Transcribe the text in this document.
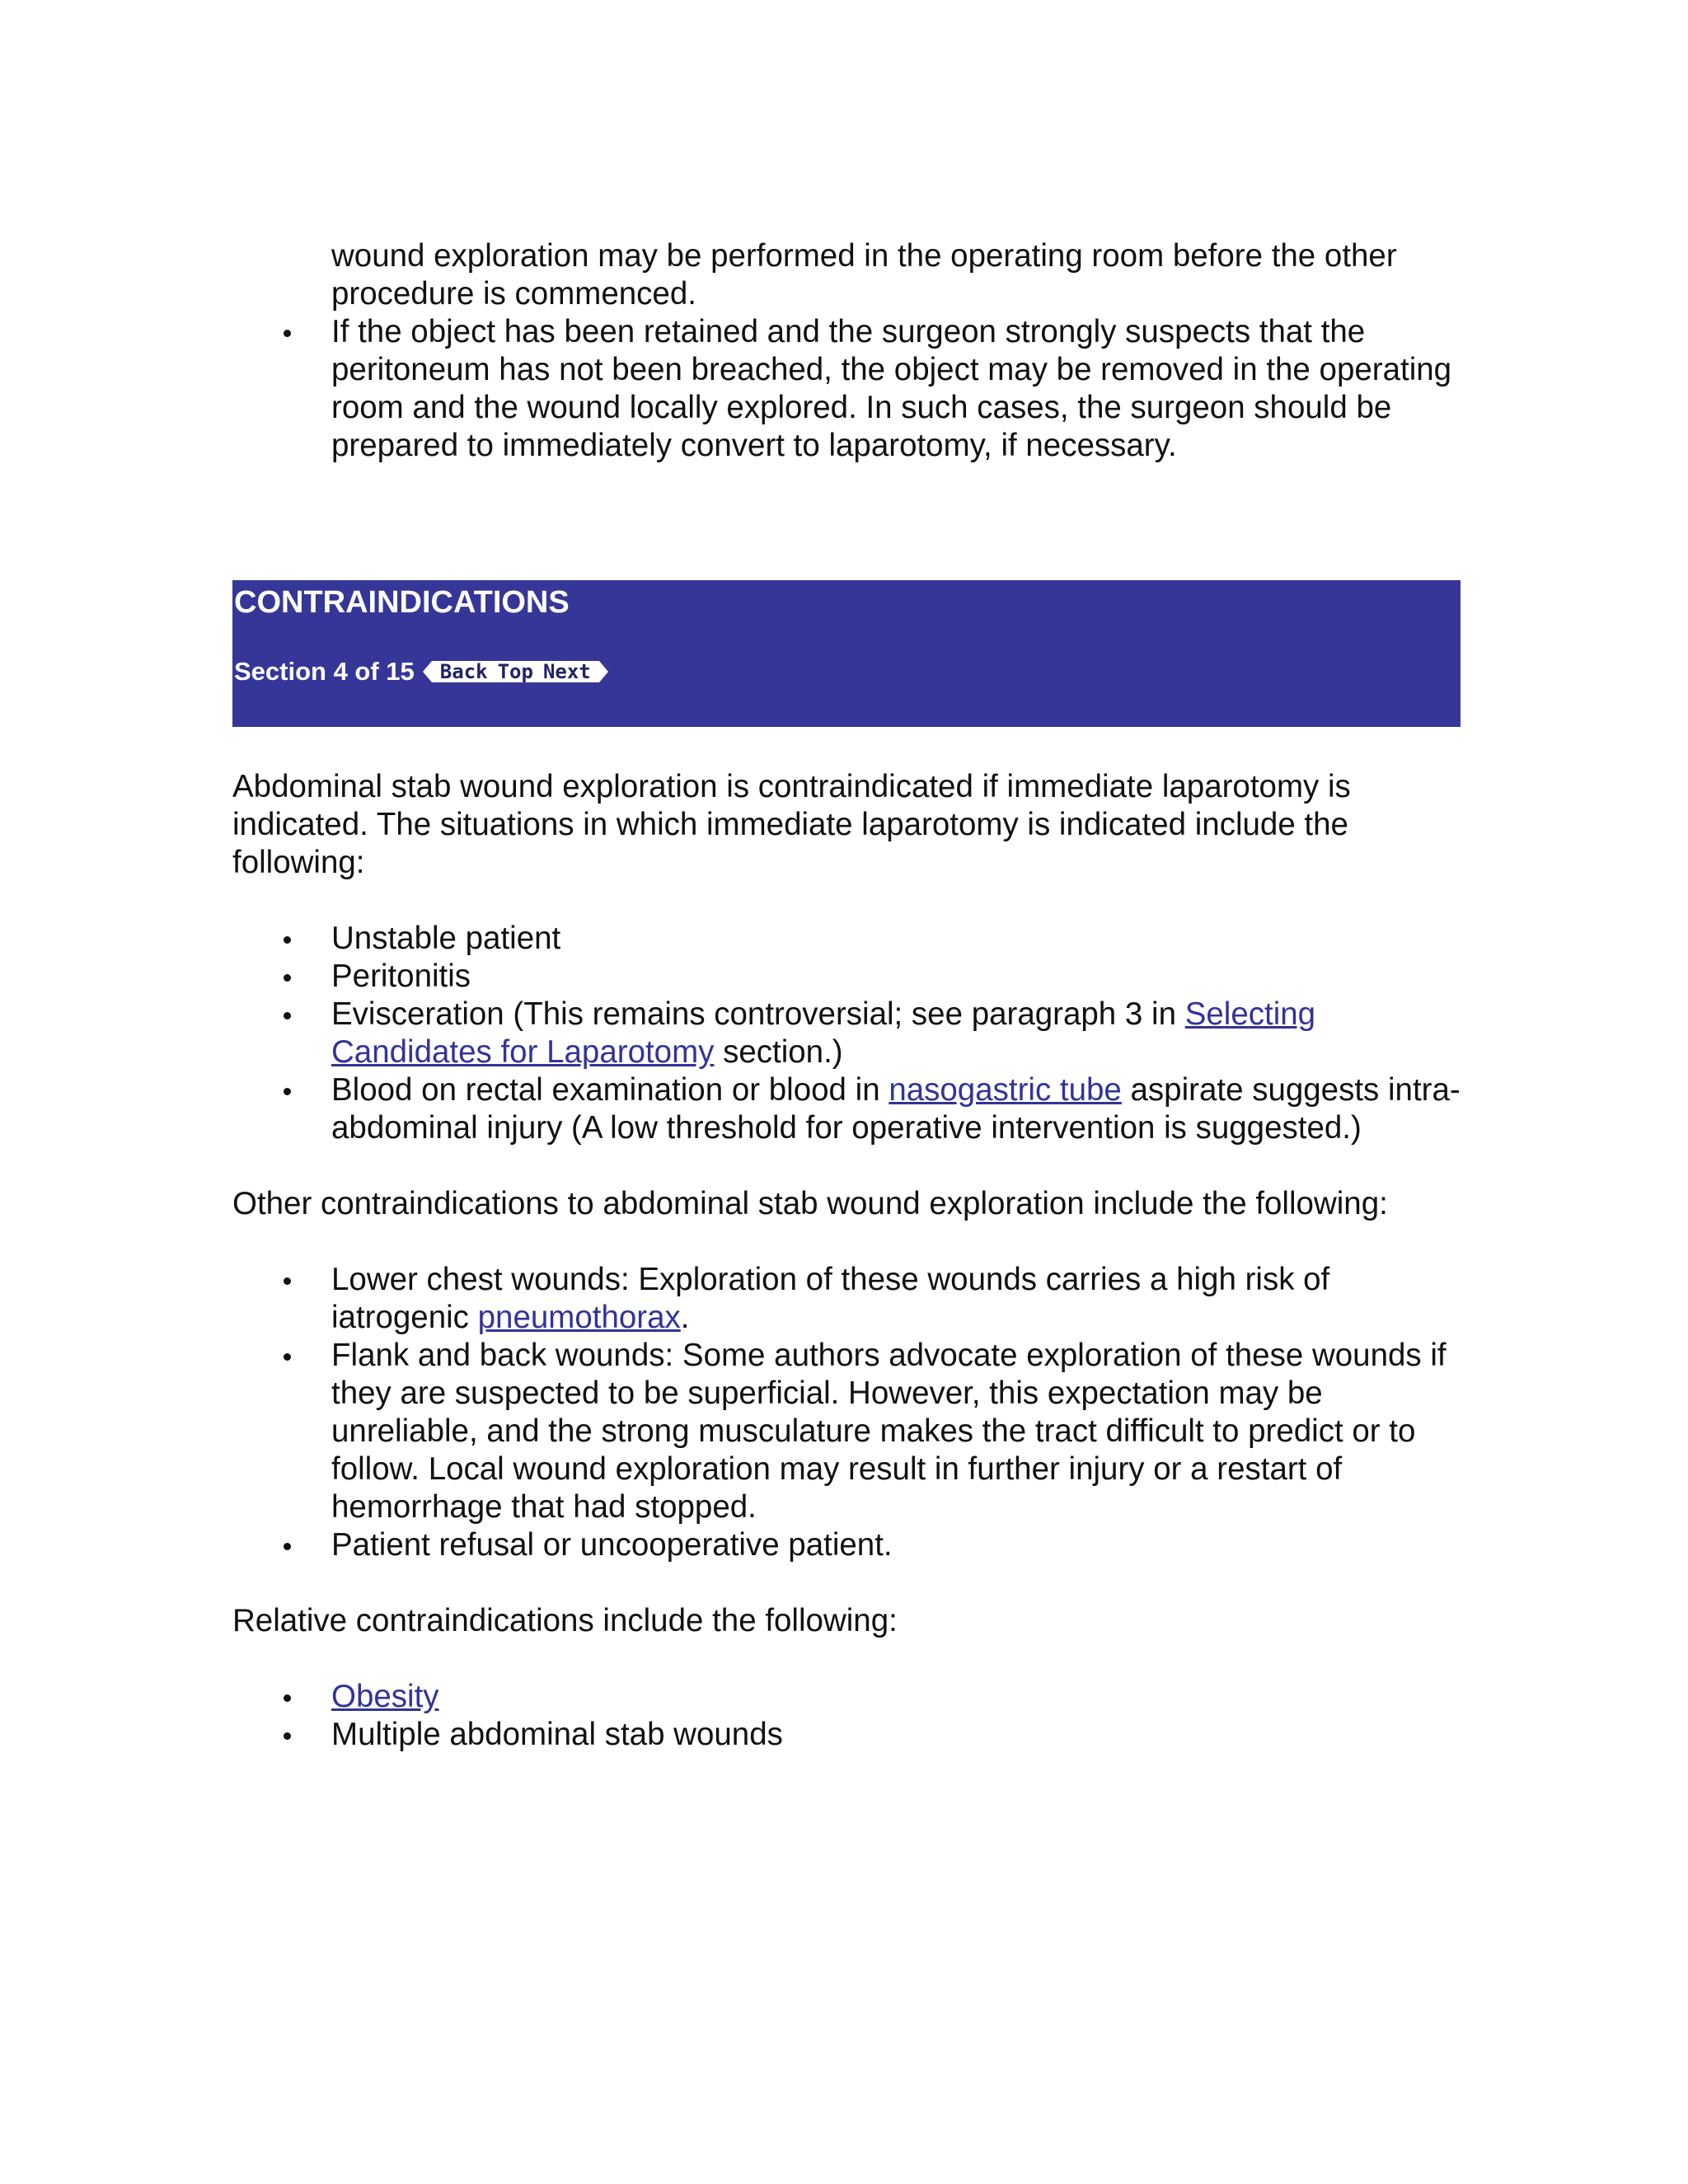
wound exploration may be performed in the operating room before the other procedure is commenced.
If the object has been retained and the surgeon strongly suspects that the peritoneum has not been breached, the object may be removed in the operating room and the wound locally explored. In such cases, the surgeon should be prepared to immediately convert to laparotomy, if necessary.
CONTRAINDICATIONS
Section 4 of 15 Back Top Next

Abdominal stab wound exploration is contraindicated if immediate laparotomy is indicated. The situations in which immediate laparotomy is indicated include the following:

Unstable patient
Peritonitis
Evisceration (This remains controversial; see paragraph 3 in Selecting Candidates for Laparotomy section.)
Blood on rectal examination or blood in nasogastric tube aspirate suggests intra-abdominal injury (A low threshold for operative intervention is suggested.)

Other contraindications to abdominal stab wound exploration include the following:

Lower chest wounds: Exploration of these wounds carries a high risk of iatrogenic pneumothorax.
Flank and back wounds: Some authors advocate exploration of these wounds if they are suspected to be superficial. However, this expectation may be unreliable, and the strong musculature makes the tract difficult to predict or to follow. Local wound exploration may result in further injury or a restart of hemorrhage that had stopped.
Patient refusal or uncooperative patient.

Relative contraindications include the following:

Obesity
Multiple abdominal stab wounds
